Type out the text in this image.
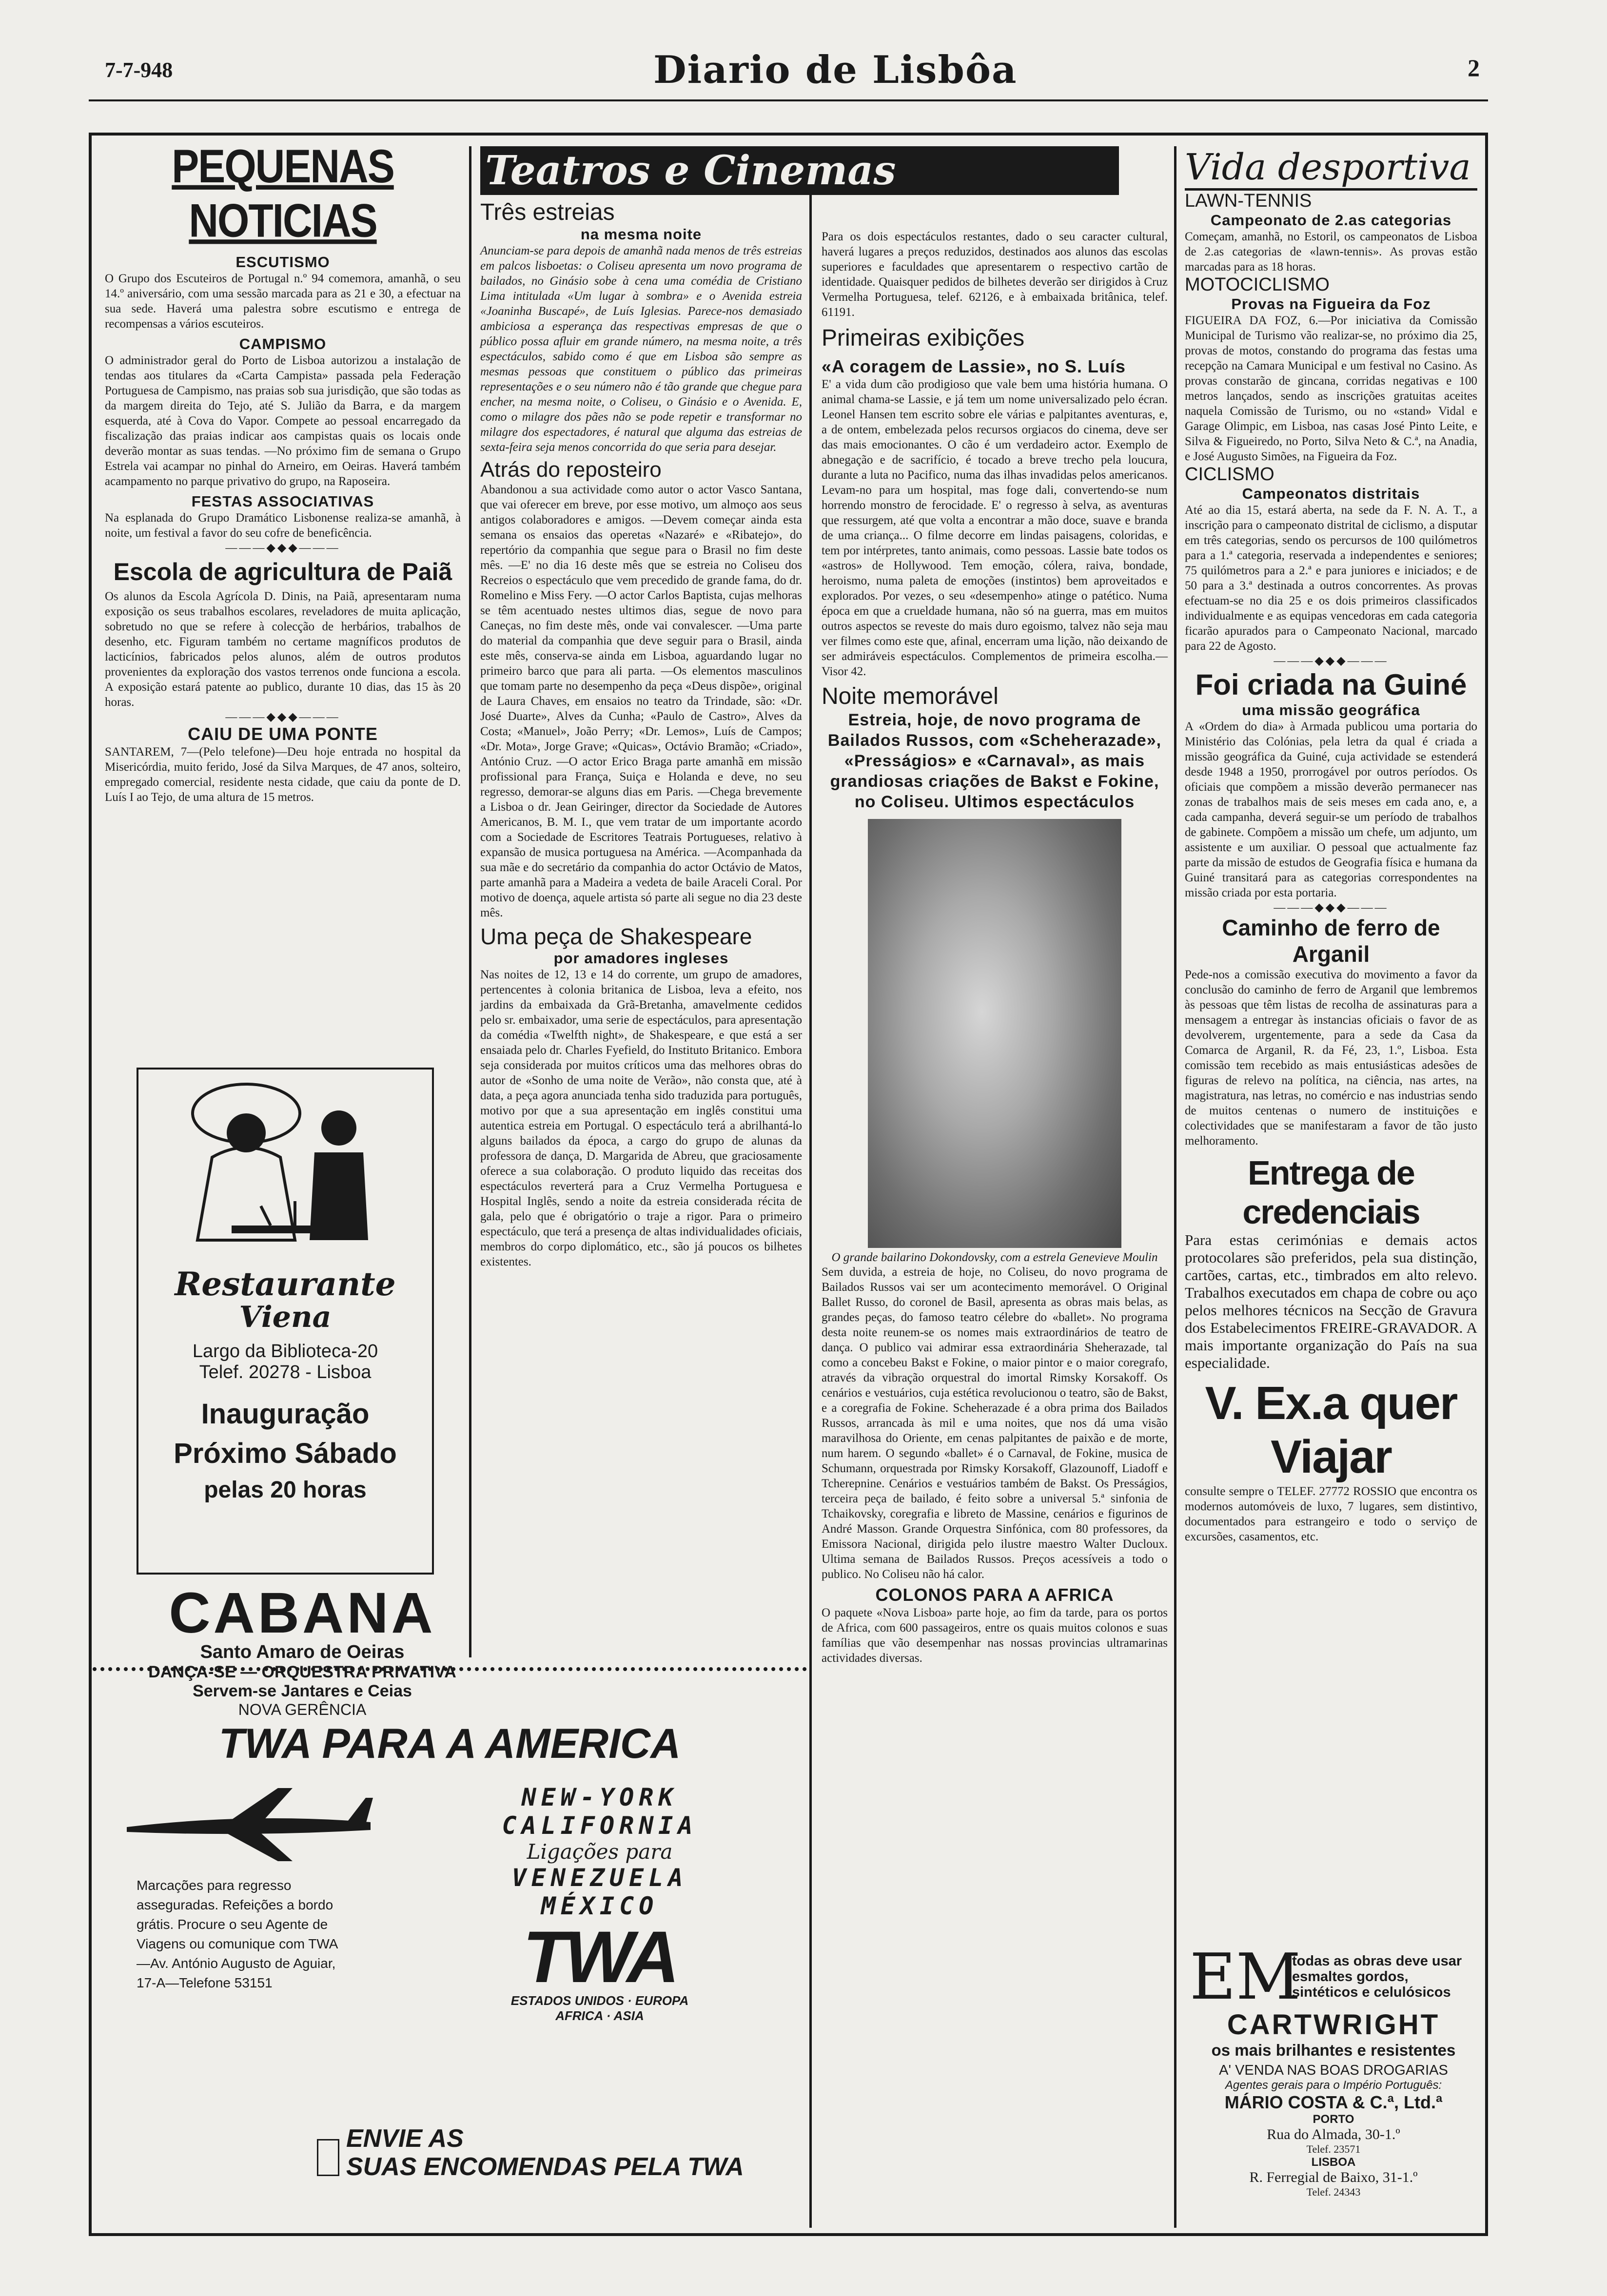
7-7-948	Diario de Lisbôa	2
PEQUENAS NOTICIAS
ESCUTISMO

O Grupo dos Escuteiros de Portugal n.º 94 comemora, amanhã, o seu 14.º aniversário, com uma sessão marcada para as 21 e 30, a efectuar na sua sede. Haverá uma palestra sobre escutismo e entrega de recompensas a vários escuteiros.

CAMPISMO

O administrador geral do Porto de Lisboa autorizou a instalação de tendas aos titulares da «Carta Campista» passada pela Federação Portuguesa de Campismo, nas praias sob sua jurisdição, que são todas as da margem direita do Tejo, até S. Julião da Barra, e da margem esquerda, até à Cova do Vapor. Compete ao pessoal encarregado da fiscalização das praias indicar aos campistas quais os locais onde deverão montar as suas tendas. —No próximo fim de semana o Grupo Estrela vai acampar no pinhal do Arneiro, em Oeiras. Haverá também acampamento no parque privativo do grupo, na Raposeira.

FESTAS ASSOCIATIVAS

Na esplanada do Grupo Dramático Lisbonense realiza-se amanhã, à noite, um festival a favor do seu cofre de beneficência.

———◆◆◆———
Escola de agricultura de Paiã

Os alunos da Escola Agrícola D. Dinis, na Paiã, apresentaram numa exposição os seus trabalhos escolares, reveladores de muita aplicação, sobretudo no que se refere à colecção de herbários, trabalhos de desenho, etc. Figuram também no certame magníficos produtos de lacticínios, fabricados pelos alunos, além de outros produtos provenientes da exploração dos vastos terrenos onde funciona a escola. A exposição estará patente ao publico, durante 10 dias, das 15 às 20 horas.

———◆◆◆———
CAIU DE UMA PONTE

SANTAREM, 7—(Pelo telefone)—Deu hoje entrada no hospital da Misericórdia, muito ferido, José da Silva Marques, de 47 anos, solteiro, empregado comercial, residente nesta cidade, que caiu da ponte de D. Luís I ao Tejo, de uma altura de 15 metros.

Restaurante
Viena
Largo da Biblioteca-20
Telef. 20278 - Lisboa
Inauguração
Próximo Sábado
pelas 20 horas
CABANA
Santo Amaro de Oeiras
DANÇA-SE — ORQUESTRA PRIVATIVA
Servem-se Jantares e Ceias
NOVA GERÊNCIA
Teatros e Cinemas
Três estreias
na mesma noite

Anunciam-se para depois de amanhã nada menos de três estreias em palcos lisboetas: o Coliseu apresenta um novo programa de bailados, no Ginásio sobe à cena uma comédia de Cristiano Lima intitulada «Um lugar à sombra» e o Avenida estreia «Joaninha Buscapé», de Luís Iglesias. Parece-nos demasiado ambiciosa a esperança das respectivas empresas de que o público possa afluir em grande número, na mesma noite, a três espectáculos, sabido como é que em Lisboa são sempre as mesmas pessoas que constituem o público das primeiras representações e o seu número não é tão grande que chegue para encher, na mesma noite, o Coliseu, o Ginásio e o Avenida. E, como o milagre dos pães não se pode repetir e transformar no milagre dos espectadores, é natural que alguma das estreias de sexta-feira seja menos concorrida do que seria para desejar.

Atrás do reposteiro

Abandonou a sua actividade como autor o actor Vasco Santana, que vai oferecer em breve, por esse motivo, um almoço aos seus antigos colaboradores e amigos. —Devem começar ainda esta semana os ensaios das operetas «Nazaré» e «Ribatejo», do repertório da companhia que segue para o Brasil no fim deste mês. —E' no dia 16 deste mês que se estreia no Coliseu dos Recreios o espectáculo que vem precedido de grande fama, do dr. Romelino e Miss Fery. —O actor Carlos Baptista, cujas melhoras se têm acentuado nestes ultimos dias, segue de novo para Caneças, no fim deste mês, onde vai convalescer. —Uma parte do material da companhia que deve seguir para o Brasil, ainda este mês, conserva-se ainda em Lisboa, aguardando lugar no primeiro barco que para ali parta. —Os elementos masculinos que tomam parte no desempenho da peça «Deus dispõe», original de Laura Chaves, em ensaios no teatro da Trindade, são: «Dr. José Duarte», Alves da Cunha; «Paulo de Castro», Alves da Costa; «Manuel», João Perry; «Dr. Lemos», Luís de Campos; «Dr. Mota», Jorge Grave; «Quicas», Octávio Bramão; «Criado», António Cruz. —O actor Erico Braga parte amanhã em missão profissional para França, Suiça e Holanda e deve, no seu regresso, demorar-se alguns dias em Paris. —Chega brevemente a Lisboa o dr. Jean Geiringer, director da Sociedade de Autores Americanos, B. M. I., que vem tratar de um importante acordo com a Sociedade de Escritores Teatrais Portugueses, relativo à expansão de musica portuguesa na América. —Acompanhada da sua mãe e do secretário da companhia do actor Octávio de Matos, parte amanhã para a Madeira a vedeta de baile Araceli Coral. Por motivo de doença, aquele artista só parte ali segue no dia 23 deste mês.

Uma peça de Shakespeare
por amadores ingleses

Nas noites de 12, 13 e 14 do corrente, um grupo de amadores, pertencentes à colonia britanica de Lisboa, leva a efeito, nos jardins da embaixada da Grã-Bretanha, amavelmente cedidos pelo sr. embaixador, uma serie de espectáculos, para apresentação da comédia «Twelfth night», de Shakespeare, e que está a ser ensaiada pelo dr. Charles Fyefield, do Instituto Britanico. Embora seja considerada por muitos críticos uma das melhores obras do autor de «Sonho de uma noite de Verão», não consta que, até à data, a peça agora anunciada tenha sido traduzida para português, motivo por que a sua apresentação em inglês constitui uma autentica estreia em Portugal. O espectáculo terá a abrilhantá-lo alguns bailados da época, a cargo do grupo de alunas da professora de dança, D. Margarida de Abreu, que graciosamente oferece a sua colaboração. O produto liquido das receitas dos espectáculos reverterá para a Cruz Vermelha Portuguesa e Hospital Inglês, sendo a noite da estreia considerada récita de gala, pelo que é obrigatório o traje a rigor. Para o primeiro espectáculo, que terá a presença de altas individualidades oficiais, membros do corpo diplomático, etc., são já poucos os bilhetes existentes.

Para os dois espectáculos restantes, dado o seu caracter cultural, haverá lugares a preços reduzidos, destinados aos alunos das escolas superiores e faculdades que apresentarem o respectivo cartão de identidade. Quaisquer pedidos de bilhetes deverão ser dirigidos à Cruz Vermelha Portuguesa, telef. 62126, e à embaixada britânica, telef. 61191.

Primeiras exibições
«A coragem de Lassie», no S. Luís

E' a vida dum cão prodigioso que vale bem uma história humana. O animal chama-se Lassie, e já tem um nome universalizado pelo écran. Leonel Hansen tem escrito sobre ele várias e palpitantes aventuras, e, a de ontem, embelezada pelos recursos orgiacos do cinema, deve ser das mais emocionantes. O cão é um verdadeiro actor. Exemplo de abnegação e de sacrifício, é tocado a breve trecho pela loucura, durante a luta no Pacifico, numa das ilhas invadidas pelos americanos. Levam-no para um hospital, mas foge dali, convertendo-se num horrendo monstro de ferocidade. E' o regresso à selva, as aventuras que ressurgem, até que volta a encontrar a mão doce, suave e branda de uma criança... O filme decorre em lindas paisagens, coloridas, e tem por intérpretes, tanto animais, como pessoas. Lassie bate todos os «astros» de Hollywood. Tem emoção, cólera, raiva, bondade, heroismo, numa paleta de emoções (instintos) bem aproveitados e explorados. Por vezes, o seu «desempenho» atinge o patético. Numa época em que a crueldade humana, não só na guerra, mas em muitos outros aspectos se reveste do mais duro egoismo, talvez não seja mau ver filmes como este que, afinal, encerram uma lição, não deixando de ser admiráveis espectáculos. Complementos de primeira escolha.— Visor 42.

Noite memorável
Estreia, hoje, de novo programa de Bailados Russos, com «Scheherazade», «Presságios» e «Carnaval», as mais grandiosas criações de Bakst e Fokine, no Coliseu. Ultimos espectáculos
O grande bailarino Dokondovsky, com a estrela Genevieve Moulin

Sem duvida, a estreia de hoje, no Coliseu, do novo programa de Bailados Russos vai ser um acontecimento memorável. O Original Ballet Russo, do coronel de Basil, apresenta as obras mais belas, as grandes peças, do famoso teatro célebre do «ballet». No programa desta noite reunem-se os nomes mais extraordinários de teatro de dança. O publico vai admirar essa extraordinária Sheherazade, tal como a concebeu Bakst e Fokine, o maior pintor e o maior coregrafo, através da vibração orquestral do imortal Rimsky Korsakoff. Os cenários e vestuários, cuja estética revolucionou o teatro, são de Bakst, e a coregrafia de Fokine. Scheherazade é a obra prima dos Bailados Russos, arrancada às mil e uma noites, que nos dá uma visão maravilhosa do Oriente, em cenas palpitantes de paixão e de morte, num harem. O segundo «ballet» é o Carnaval, de Fokine, musica de Schumann, orquestrada por Rimsky Korsakoff, Glazounoff, Liadoff e Tcherepnine. Cenários e vestuários também de Bakst. Os Presságios, terceira peça de bailado, é feito sobre a universal 5.ª sinfonia de Tchaikovsky, coregrafia e libreto de Massine, cenários e figurinos de André Masson. Grande Orquestra Sinfónica, com 80 professores, da Emissora Nacional, dirigida pelo ilustre maestro Walter Ducloux. Ultima semana de Bailados Russos. Preços acessíveis a todo o publico. No Coliseu não há calor.

COLONOS PARA A AFRICA

O paquete «Nova Lisboa» parte hoje, ao fim da tarde, para os portos de Africa, com 600 passageiros, entre os quais muitos colonos e suas famílias que vão desempenhar nas nossas provincias ultramarinas actividades diversas.

Vida desportiva
LAWN-TENNIS
Campeonato de 2.as categorias

Começam, amanhã, no Estoril, os campeonatos de Lisboa de 2.as categorias de «lawn-tennis». As provas estão marcadas para as 18 horas.

MOTOCICLISMO
Provas na Figueira da Foz

FIGUEIRA DA FOZ, 6.—Por iniciativa da Comissão Municipal de Turismo vão realizar-se, no próximo dia 25, provas de motos, constando do programa das festas uma recepção na Camara Municipal e um festival no Casino. As provas constarão de gincana, corridas negativas e 100 metros lançados, sendo as inscrições gratuitas aceites naquela Comissão de Turismo, ou no «stand» Vidal e Garage Olimpic, em Lisboa, nas casas José Pinto Leite, e Silva & Figueiredo, no Porto, Silva Neto & C.ª, na Anadia, e José Augusto Simões, na Figueira da Foz.

CICLISMO
Campeonatos distritais

Até ao dia 15, estará aberta, na sede da F. N. A. T., a inscrição para o campeonato distrital de ciclismo, a disputar em três categorias, sendo os percursos de 100 quilómetros para a 1.ª categoria, reservada a independentes e seniores; 75 quilómetros para a 2.ª e para juniores e iniciados; e de 50 para a 3.ª destinada a outros concorrentes. As provas efectuam-se no dia 25 e os dois primeiros classificados individualmente e as equipas vencedoras em cada categoria ficarão apurados para o Campeonato Nacional, marcado para 22 de Agosto.

———◆◆◆———
Foi criada na Guiné
uma missão geográfica

A «Ordem do dia» à Armada publicou uma portaria do Ministério das Colónias, pela letra da qual é criada a missão geográfica da Guiné, cuja actividade se estenderá desde 1948 a 1950, prorrogável por outros períodos. Os oficiais que compõem a missão deverão permanecer nas zonas de trabalhos mais de seis meses em cada ano, e, a cada campanha, deverá seguir-se um período de trabalhos de gabinete. Compõem a missão um chefe, um adjunto, um assistente e um auxiliar. O pessoal que actualmente faz parte da missão de estudos de Geografia física e humana da Guiné transitará para as categorias correspondentes na missão criada por esta portaria.

———◆◆◆———
Caminho de ferro de Arganil

Pede-nos a comissão executiva do movimento a favor da conclusão do caminho de ferro de Arganil que lembremos às pessoas que têm listas de recolha de assinaturas para a mensagem a entregar às instancias oficiais o favor de as devolverem, urgentemente, para a sede da Casa da Comarca de Arganil, R. da Fé, 23, 1.º, Lisboa. Esta comissão tem recebido as mais entusiásticas adesões de figuras de relevo na política, na ciência, nas artes, na magistratura, nas letras, no comércio e nas industrias sendo de muitos centenas o numero de instituições e colectividades que se manifestaram a favor de tão justo melhoramento.

Entrega de credenciais

Para estas cerimónias e demais actos protocolares são preferidos, pela sua distinção, cartões, cartas, etc., timbrados em alto relevo. Trabalhos executados em chapa de cobre ou aço pelos melhores técnicos na Secção de Gravura dos Estabelecimentos FREIRE-GRAVADOR. A mais importante organização do País na sua especialidade.

V. Ex.a quer Viajar

consulte sempre o TELEF. 27772 ROSSIO que encontra os modernos automóveis de luxo, 7 lugares, sem distintivo, documentados para estrangeiro e todo o serviço de excursões, casamentos, etc.

EM
todas as obras deve usar esmaltes gordos, sintéticos e celulósicos
CARTWRIGHT
os mais brilhantes e resistentes
A' VENDA NAS BOAS DROGARIAS
Agentes gerais para o Império Português:
MÁRIO COSTA & C.ª, Ltd.ª
PORTO
Rua do Almada, 30-1.º
Telef. 23571
LISBOA
R. Ferregial de Baixo, 31-1.º
Telef. 24343
TWA PARA A AMERICA
Marcações para regresso asseguradas. Refeições a bordo grátis. Procure o seu Agente de Viagens ou comunique com TWA—Av. António Augusto de Aguiar, 17-A—Telefone 53151
NEW-YORK
CALIFORNIA
Ligações para
VENEZUELA
MÉXICO
TWA
ESTADOS UNIDOS · EUROPA
AFRICA · ASIA
ENVIE AS
SUAS ENCOMENDAS PELA TWA
